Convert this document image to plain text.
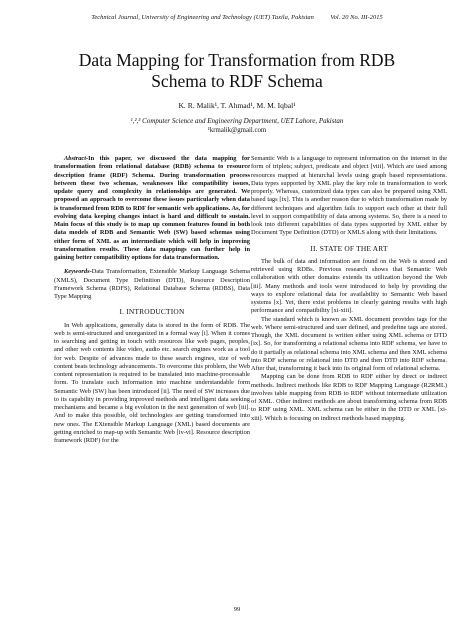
Technical Journal, University of Engineering and Technology (UET) Taxila, Pakistan          Vol. 20 No. III-2015
Data Mapping for Transformation from RDB
Schema to RDF Schema
K. R. Malik¹, T. Ahmad¹, M. M. Iqbal¹
¹,²,³ Computer Science and Engineering Department, UET Lahore, Pakistan
¹krmalik@gmail.com

Abstract-In this paper, we discussed the data mapping for transformation from relational database (RDB) schema to resource description frame (RDF) Schema. During transformation process between these two schemas, weaknesses like compatibility issues, update query and complexity in relationships are generated. We proposed an approach to overcome these issues particularly when data is transformed from RDB to RDF for semantic web applications. As, for evolving data keeping changes intact is hard and difficult to sustain. Main focus of this study is to map up common features found in both data models of RDB and Semantic Web (SW) based schemas using either form of XML as an intermediate which will help in improving transformation results. These data mappings can further help in gaining better compatibility options for data transformation.

Keywords-Data Transformation, Extensible Markup Language Schema (XMLS), Document Type Definition (DTD), Resource Description Framework Schema (RDFS), Relational Database Schema (RDBS), Data Type Mapping

I. INTRODUCTION

In Web applications, generally data is stored in the form of RDB. The web is semi-structured and unorganized in a formal way [i]. When it comes to searching and getting in touch with resources like web pages, peoples, and other web contents like video, audio etc. search engines work as a tool for web. Despite of advances made to these search engines, size of web content beats technology advancements. To overcome this problem, the Web content representation is required to be translated into machine-processable form. To translate such information into machine understandable form Semantic Web (SW) has been introduced [ii]. The need of SW increases due to its capability in providing improved methods and intelligent data seeking mechanisms and became a big evolution in the next generation of web [iii]. And to make this possible, old technologies are getting transformed into new ones. The EXtensible Markup Language (XML) based documents are getting enriched to map-up with Semantic Web [iv-vi]. Resource description framework (RDF) for the

Semantic Web is a language to represent information on the internet in the form of triplets; subject, predicate and object [viii]. Which are used among resources mapped at hierarchal levels using graph based representations. Data types supported by XML play the key role in transformation to work properly. Whereas, customized data types can also be prepared using XML based tags [ix]. This is another reason due to which transformation made by different techniques and algorithm fails to support each other at their full level to support compatibility of data among systems. So, there is a need to look into different capabilities of data types supported by XML either by Document Type Definition (DTD) or XMLS along with their limitations.

II. STATE OF THE ART

The bulk of data and information are found on the Web is stored and retrieved using RDBs. Previous research shows that Semantic Web collaboration with other domains extends its utilization beyond the Web [iii]. Many methods and tools were introduced to help by providing the ways to explore relational data for availability to Semantic Web based systems [x]. Yet, there exist problems in clearly gaining results with high performance and compatibility [xi-xiii].

The standard which is known as XML document provides tags for the web. Where semi-structured and user defined, and predefine tags are stored. Though, the XML document is written either using XML schema or DTD [ix]. So, for transforming a relational schema into RDF schema, we have to do it partially as relational schema into XML schema and then XML schema into RDF schema or relational into DTD and then DTD into RDF schema. After that, transforming it back into its original form of relational schema.

Mapping can be done from RDB to RDF either by direct or indirect methods. Indirect methods like RDB to RDF Mapping Language (R2RML) involves table mapping from RDB to RDF without intermediate utilization of XML. Other indirect methods are about transforming schema from RDB to RDF using XML. XML schema can be either in the DTD or XML [xi-xiii]. Which is focusing on indirect methods based mapping.

99
